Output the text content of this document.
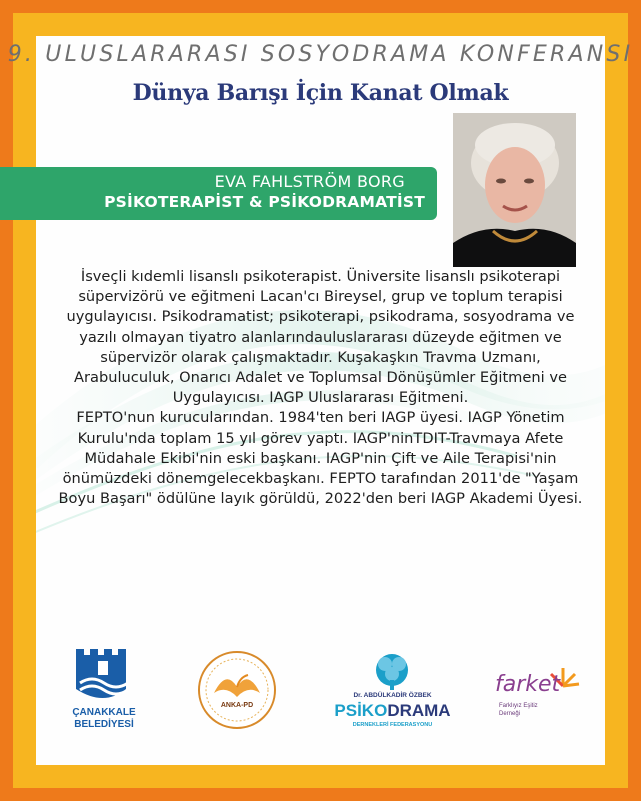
9. ULUSLARARASI SOSYODRAMA KONFERANSI
Dünya Barışı İçin Kanat Olmak
EVA FAHLSTRÖM BORG
PSİKOTERAPİST & PSİKODRAMATİST

İsveçli kıdemli lisanslı psikoterapist. Üniversite lisanslı psikoterapi süpervizörü ve eğitmeni Lacan'cı Bireysel, grup ve toplum terapisi uygulayıcısı. Psikodramatist; psikoterapi, psikodrama, sosyodrama ve yazılı olmayan tiyatro alanlarındauluslararası düzeyde eğitmen ve süpervizör olarak çalışmaktadır. Kuşakaşkın Travma Uzmanı, Arabuluculuk, Onarıcı Adalet ve Toplumsal Dönüşümler Eğitmeni ve Uygulayıcısı. IAGP Uluslararası Eğitmeni.

FEPTO'nun kurucularından. 1984'ten beri IAGP üyesi. IAGP Yönetim Kurulu'nda toplam 15 yıl görev yaptı. IAGP'ninTDIT-Travmaya Afete Müdahale Ekibi'nin eski başkanı. IAGP'nin Çift ve Aile Terapisi'nin önümüzdeki dönemgelecekbaşkanı. FEPTO tarafından 2011'de "Yaşam Boyu Başarı" ödülüne layık görüldü, 2022'den beri IAGP Akademi Üyesi.

ÇANAKKALE
BELEDİYESİ
ANKA-PD
Dr. ABDÜLKADİR ÖZBEK
PSİKODRAMA
DERNEKLERİ FEDERASYONU
farket
Farklıyız Eşitiz
Derneği
